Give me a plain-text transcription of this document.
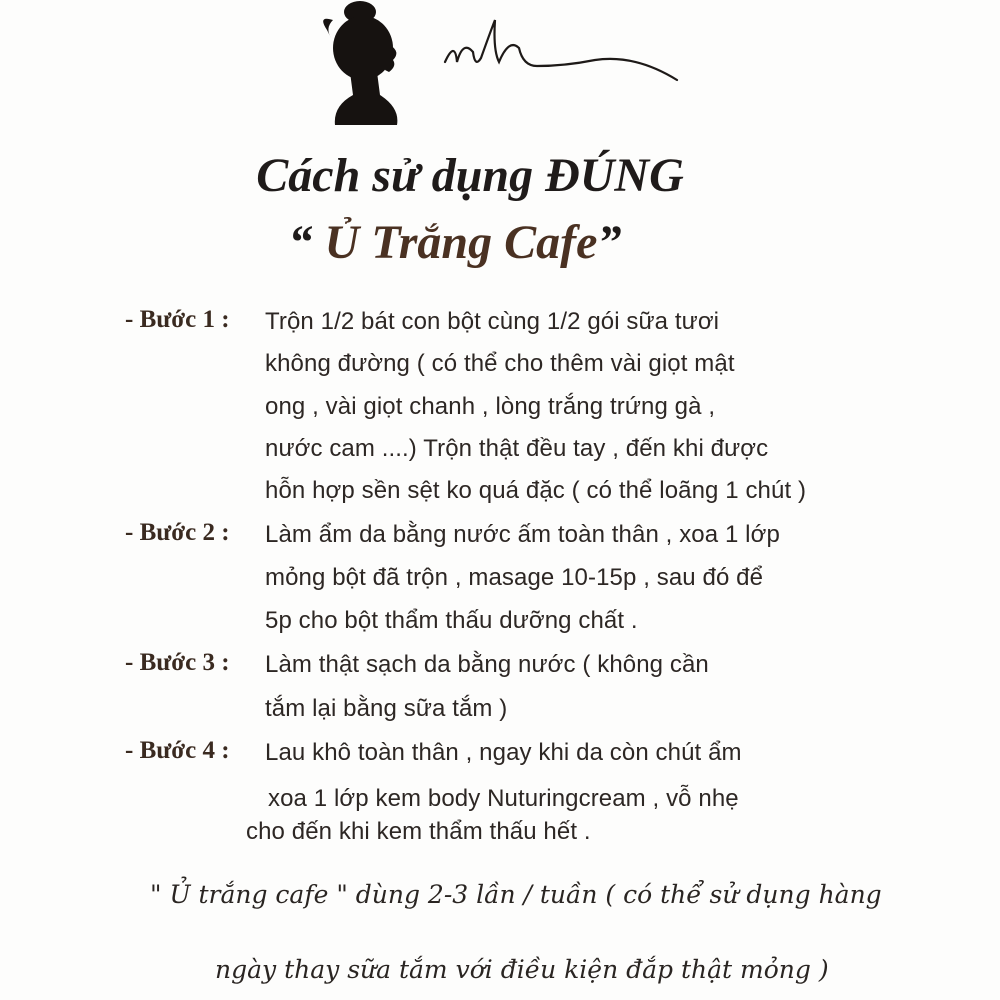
Cách sử dụng ĐÚNG
“ Ủ Trắng Cafe”
- Bước 1 : Trộn 1/2 bát con bột cùng 1/2 gói sữa tươi
không đường ( có thể cho thêm vài giọt mật
ong , vài giọt chanh , lòng trắng trứng gà ,
nước cam ....) Trộn thật đều tay , đến khi được
hỗn hợp sền sệt ko quá đặc ( có thể loãng 1 chút )
- Bước 2 : Làm ẩm da bằng nước ấm toàn thân , xoa 1 lớp
mỏng bột đã trộn , masage 10-15p , sau đó để
5p cho bột thẩm thấu dưỡng chất .
- Bước 3 : Làm thật sạch da bằng nước ( không cần
tắm lại bằng sữa tắm )
- Bước 4 : Lau khô toàn thân , ngay khi da còn chút ẩm
xoa 1 lớp kem body Nuturingcream , vỗ nhẹ
cho đến khi kem thẩm thấu hết .
" Ủ trắng cafe " dùng 2-3 lần / tuần ( có thể sử dụng hàng
ngày thay sữa tắm với điều kiện đắp thật mỏng )
